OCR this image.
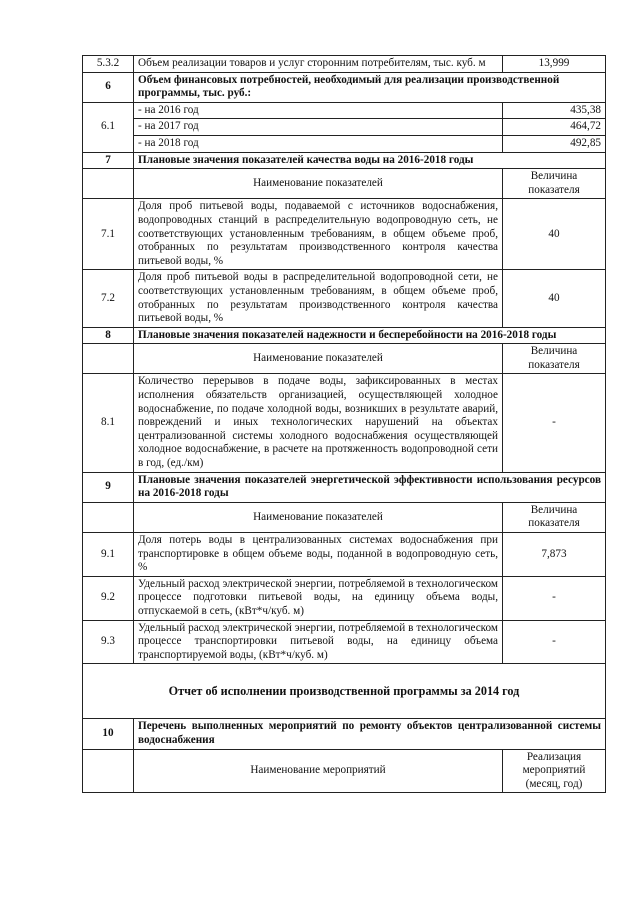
5.3.2	Объем реализации товаров и услуг сторонним потребителям, тыс. куб. м	13,999
6	Объем финансовых потребностей, необходимый для реализации производственной программы, тыс. руб.:	
6.1	- на 2016 год	435,38
	- на 2017 год	464,72
	- на 2018 год	492,85
7	Плановые значения показателей качества воды на 2016-2018 годы	
	Наименование показателей	Величина показателя
7.1	Доля проб питьевой воды, подаваемой с источников водоснабжения, водопроводных станций в распределительную водопроводную сеть, не соответствующих установленным требованиям, в общем объеме проб, отобранных по результатам производственного контроля качества питьевой воды, %	40
7.2	Доля проб питьевой воды в распределительной водопроводной сети, не соответствующих установленным требованиям, в общем объеме проб, отобранных по результатам производственного контроля качества питьевой воды, %	40
8	Плановые значения показателей надежности и бесперебойности на 2016-2018 годы	
	Наименование показателей	Величина показателя
8.1	Количество перерывов в подаче воды, зафиксированных в местах исполнения обязательств организацией, осуществляющей холодное водоснабжение, по подаче холодной воды, возникших в результате аварий, повреждений и иных технологических нарушений на объектах централизованной системы холодного водоснабжения осуществляющей холодное водоснабжение, в расчете на протяженность водопроводной сети в год, (ед./км)	-
9	Плановые значения показателей энергетической эффективности использования ресурсов на 2016-2018 годы	
	Наименование показателей	Величина показателя
9.1	Доля потерь воды в централизованных системах водоснабжения при транспортировке в общем объеме воды, поданной в водопроводную сеть, %	7,873
9.2	Удельный расход электрической энергии, потребляемой в технологическом процессе подготовки питьевой воды, на единицу объема воды, отпускаемой в сеть, (кВт*ч/куб. м)	-
9.3	Удельный расход электрической энергии, потребляемой в технологическом процессе транспортировки питьевой воды, на единицу объема транспортируемой воды, (кВт*ч/куб. м)	-
Отчет об исполнении производственной программы за 2014 год		
10	Перечень выполненных мероприятий по ремонту объектов централизованной системы водоснабжения	
	Наименование мероприятий	Реализация мероприятий (месяц, год)
